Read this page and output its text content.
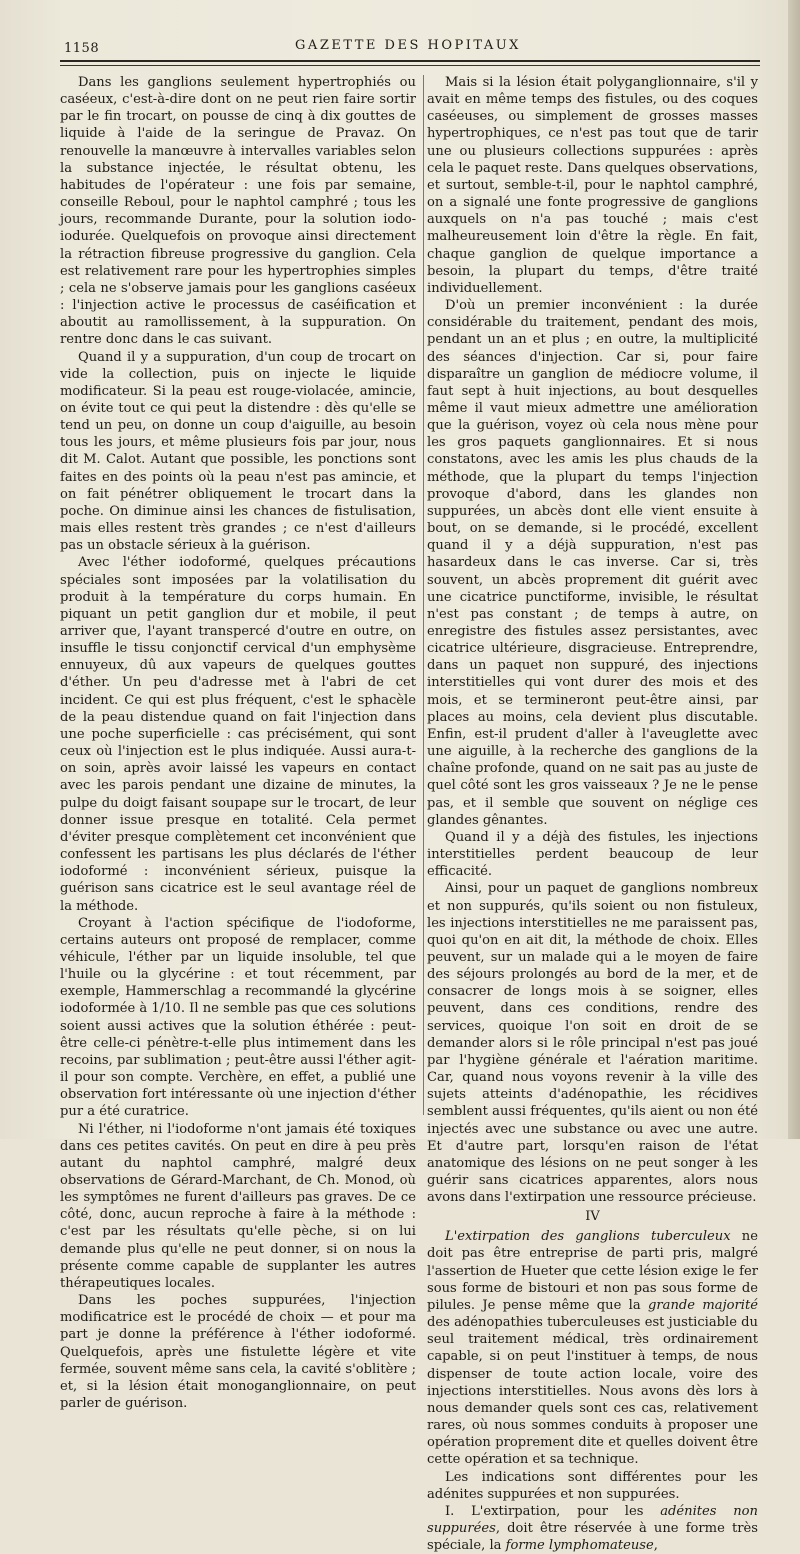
1158	GAZETTE DES HOPITAUX

Dans les ganglions seulement hypertrophiés ou caséeux, c'est-à-dire dont on ne peut rien faire sortir par le fin trocart, on pousse de cinq à dix gouttes de liquide à l'aide de la seringue de Pravaz. On renouvelle la manœuvre à intervalles variables selon la substance injectée, le résultat obtenu, les habitudes de l'opérateur : une fois par semaine, conseille Reboul, pour le naphtol camphré ; tous les jours, recommande Durante, pour la solution iodo-iodurée. Quelquefois on provoque ainsi directement la rétraction fibreuse progressive du ganglion. Cela est relativement rare pour les hypertrophies simples ; cela ne s'observe jamais pour les ganglions caséeux : l'injection active le processus de caséification et aboutit au ramollissement, à la suppuration. On rentre donc dans le cas suivant.

Quand il y a suppuration, d'un coup de trocart on vide la collection, puis on injecte le liquide modificateur. Si la peau est rouge-violacée, amincie, on évite tout ce qui peut la distendre : dès qu'elle se tend un peu, on donne un coup d'aiguille, au besoin tous les jours, et même plusieurs fois par jour, nous dit M. Calot. Autant que possible, les ponctions sont faites en des points où la peau n'est pas amincie, et on fait pénétrer obliquement le trocart dans la poche. On diminue ainsi les chances de fistulisation, mais elles restent très grandes ; ce n'est d'ailleurs pas un obstacle sérieux à la guérison.

Avec l'éther iodoformé, quelques précautions spéciales sont imposées par la volatilisation du produit à la température du corps humain. En piquant un petit ganglion dur et mobile, il peut arriver que, l'ayant transpercé d'outre en outre, on insuffle le tissu conjonctif cervical d'un emphysème ennuyeux, dû aux vapeurs de quelques gouttes d'éther. Un peu d'adresse met à l'abri de cet incident. Ce qui est plus fréquent, c'est le sphacèle de la peau distendue quand on fait l'injection dans une poche superficielle : cas précisément, qui sont ceux où l'injection est le plus indiquée. Aussi aura-t-on soin, après avoir laissé les vapeurs en contact avec les parois pendant une dizaine de minutes, la pulpe du doigt faisant soupape sur le trocart, de leur donner issue presque en totalité. Cela permet d'éviter presque complètement cet inconvénient que confessent les partisans les plus déclarés de l'éther iodoformé : inconvénient sérieux, puisque la guérison sans cicatrice est le seul avantage réel de la méthode.

Croyant à l'action spécifique de l'iodoforme, certains auteurs ont proposé de remplacer, comme véhicule, l'éther par un liquide insoluble, tel que l'huile ou la glycérine : et tout récemment, par exemple, Hammerschlag a recommandé la glycérine iodoformée à 1/10. Il ne semble pas que ces solutions soient aussi actives que la solution éthérée : peut-être celle-ci pénètre-t-elle plus intimement dans les recoins, par sublimation ; peut-être aussi l'éther agit-il pour son compte. Verchère, en effet, a publié une observation fort intéressante où une injection d'éther pur a été curatrice.

Ni l'éther, ni l'iodoforme n'ont jamais été toxiques dans ces petites cavités. On peut en dire à peu près autant du naphtol camphré, malgré deux observations de Gérard-Marchant, de Ch. Monod, où les symptômes ne furent d'ailleurs pas graves. De ce côté, donc, aucun reproche à faire à la méthode : c'est par les résultats qu'elle pèche, si on lui demande plus qu'elle ne peut donner, si on nous la présente comme capable de supplanter les autres thérapeutiques locales.

Dans les poches suppurées, l'injection modificatrice est le procédé de choix — et pour ma part je donne la préférence à l'éther iodoformé. Quelquefois, après une fistulette légère et vite fermée, souvent même sans cela, la cavité s'oblitère ; et, si la lésion était monoganglionnaire, on peut parler de guérison.

Mais si la lésion était polyganglionnaire, s'il y avait en même temps des fistules, ou des coques caséeuses, ou simplement de grosses masses hypertrophiques, ce n'est pas tout que de tarir une ou plusieurs collections suppurées : après cela le paquet reste. Dans quelques observations, et surtout, semble-t-il, pour le naphtol camphré, on a signalé une fonte progressive de ganglions auxquels on n'a pas touché ; mais c'est malheureusement loin d'être la règle. En fait, chaque ganglion de quelque importance a besoin, la plupart du temps, d'être traité individuellement.

D'où un premier inconvénient : la durée considérable du traitement, pendant des mois, pendant un an et plus ; en outre, la multiplicité des séances d'injection. Car si, pour faire disparaître un ganglion de médiocre volume, il faut sept à huit injections, au bout desquelles même il vaut mieux admettre une amélioration que la guérison, voyez où cela nous mène pour les gros paquets ganglionnaires. Et si nous constatons, avec les amis les plus chauds de la méthode, que la plupart du temps l'injection provoque d'abord, dans les glandes non suppurées, un abcès dont elle vient ensuite à bout, on se demande, si le procédé, excellent quand il y a déjà suppuration, n'est pas hasardeux dans le cas inverse. Car si, très souvent, un abcès proprement dit guérit avec une cicatrice punctiforme, invisible, le résultat n'est pas constant ; de temps à autre, on enregistre des fistules assez persistantes, avec cicatrice ultérieure, disgracieuse. Entreprendre, dans un paquet non suppuré, des injections interstitielles qui vont durer des mois et des mois, et se termineront peut-être ainsi, par places au moins, cela devient plus discutable. Enfin, est-il prudent d'aller à l'aveuglette avec une aiguille, à la recherche des ganglions de la chaîne profonde, quand on ne sait pas au juste de quel côté sont les gros vaisseaux ? Je ne le pense pas, et il semble que souvent on néglige ces glandes gênantes.

Quand il y a déjà des fistules, les injections interstitielles perdent beaucoup de leur efficacité.

Ainsi, pour un paquet de ganglions nombreux et non suppurés, qu'ils soient ou non fistuleux, les injections interstitielles ne me paraissent pas, quoi qu'on en ait dit, la méthode de choix. Elles peuvent, sur un malade qui a le moyen de faire des séjours prolongés au bord de la mer, et de consacrer de longs mois à se soigner, elles peuvent, dans ces conditions, rendre des services, quoique l'on soit en droit de se demander alors si le rôle principal n'est pas joué par l'hygiène générale et l'aération maritime. Car, quand nous voyons revenir à la ville des sujets atteints d'adénopathie, les récidives semblent aussi fréquentes, qu'ils aient ou non été injectés avec une substance ou avec une autre. Et d'autre part, lorsqu'en raison de l'état anatomique des lésions on ne peut songer à les guérir sans cicatrices apparentes, alors nous avons dans l'extirpation une ressource précieuse.

IV

L'extirpation des ganglions tuberculeux ne doit pas être entreprise de parti pris, malgré l'assertion de Hueter que cette lésion exige le fer sous forme de bistouri et non pas sous forme de pilules. Je pense même que la grande majorité des adénopathies tuberculeuses est justiciable du seul traitement médical, très ordinairement capable, si on peut l'instituer à temps, de nous dispenser de toute action locale, voire des injections interstitielles. Nous avons dès lors à nous demander quels sont ces cas, relativement rares, où nous sommes conduits à proposer une opération proprement dite et quelles doivent être cette opération et sa technique.

Les indications sont différentes pour les adénites suppurées et non suppurées.

I. L'extirpation, pour les adénites non suppurées, doit être réservée à une forme très spéciale, la forme lymphomateuse,
